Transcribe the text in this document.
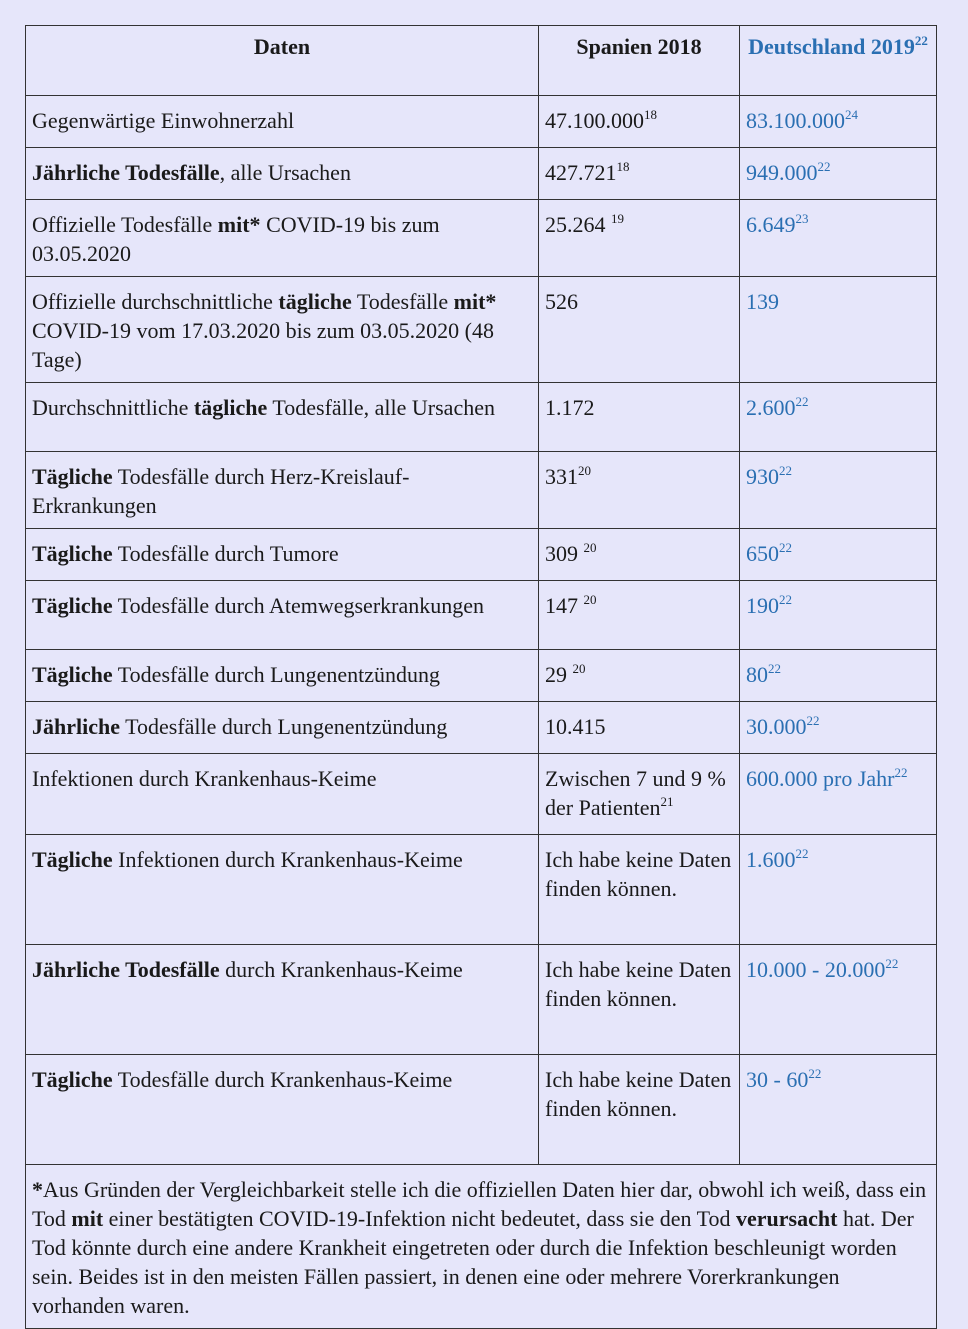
Daten	Spanien 2018	Deutschland 2019$^{22}$
Gegenwärtige Einwohnerzahl	47.100.000$^{18}$	83.100.000$^{24}$
Jährliche Todesfälle, alle Ursachen	427.721$^{18}$	949.000$^{22}$
Offizielle Todesfälle mit* COVID-19 bis zum 03.05.2020	25.264 $^{19}$	6.649$^{23}$
Offizielle durchschnittliche tägliche Todesfälle mit* COVID-19 vom 17.03.2020 bis zum 03.05.2020 (48 Tage)	526	139
Durchschnittliche tägliche Todesfälle, alle Ursachen	1.172	2.600$^{22}$
Tägliche Todesfälle durch Herz-Kreislauf-Erkrankungen	$331^{20}$	$930^{22}$
Tägliche Todesfälle durch Tumore	309 $^{20}$	$650^{22}$
Tägliche Todesfälle durch Atemwegserkrankungen	147 $^{20}$	$190^{22}$
Tägliche Todesfälle durch Lungenentzündung	29 $^{20}$	$80^{22}$
Jährliche Todesfälle durch Lungenentzündung	10.415	30.000$^{22}$
Infektionen durch Krankenhaus-Keime	Zwischen 7 und 9 % der Patienten$^{21}$	600.000 pro Jahr$^{22}$
Tägliche Infektionen durch Krankenhaus-Keime	Ich habe keine Daten finden können.	1.600$^{22}$
Jährliche Todesfälle durch Krankenhaus-Keime	Ich habe keine Daten finden können.	10.000 - 20.000$^{22}$
Tägliche Todesfälle durch Krankenhaus-Keime	Ich habe keine Daten finden können.	$30 - 60^{22}$
*Aus Gründen der Vergleichbarkeit stelle ich die offiziellen Daten hier dar, obwohl ich weiß, dass ein Tod mit einer bestätigten COVID-19-Infektion nicht bedeutet, dass sie den Tod verursacht hat. Der Tod könnte durch eine andere Krankheit eingetreten oder durch die Infektion beschleunigt worden sein. Beides ist in den meisten Fällen passiert, in denen eine oder mehrere Vorerkrankungen vorhanden waren.		
